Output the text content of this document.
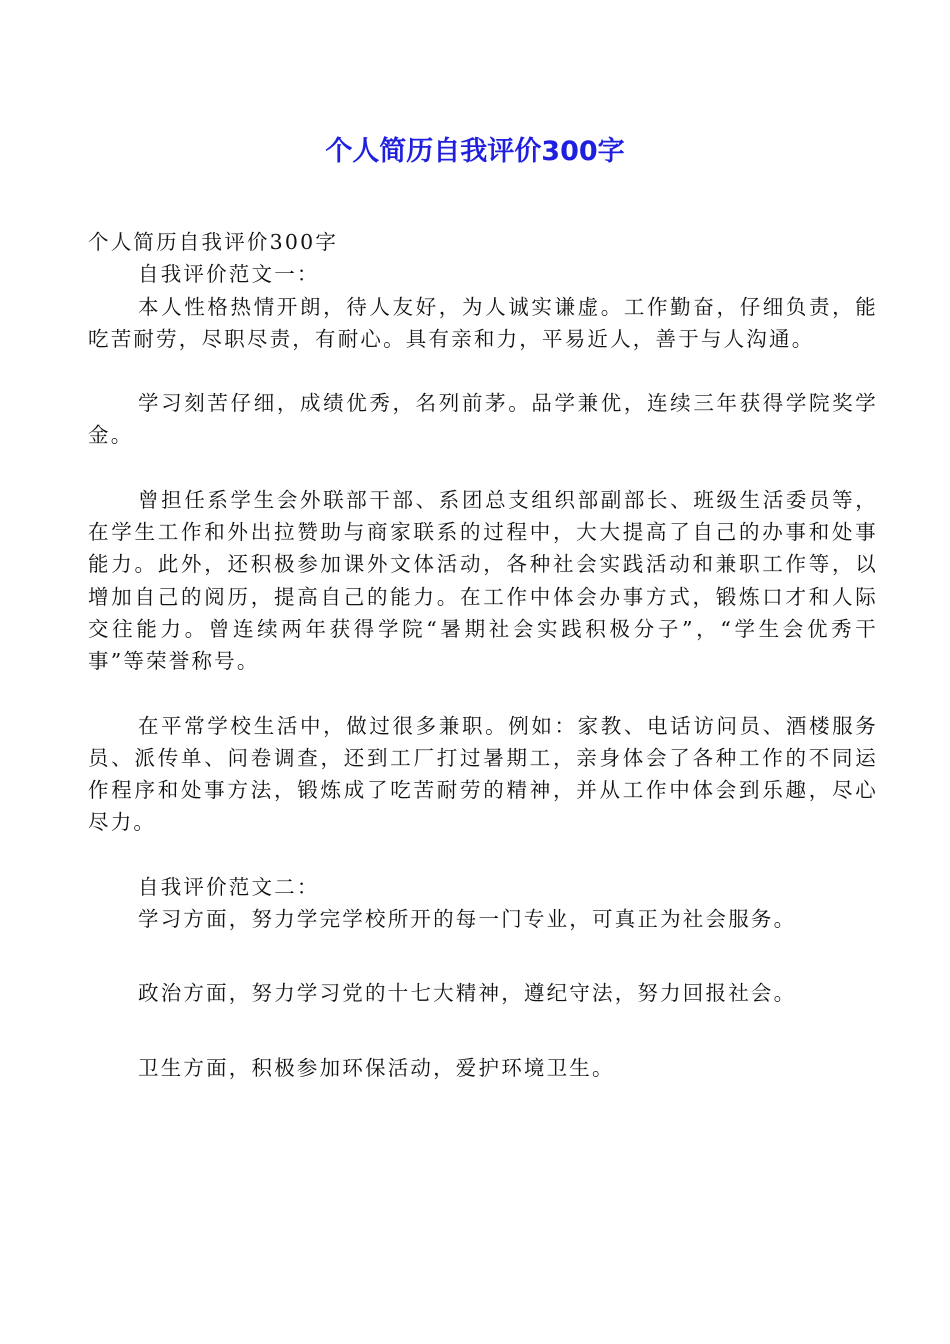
个人简历自我评价300字

个人简历自我评价300字

自我评价范文一：

本人性格热情开朗，待人友好，为人诚实谦虚。工作勤奋，仔细负责，能吃苦耐劳，尽职尽责，有耐心。具有亲和力，平易近人，善于与人沟通。

学习刻苦仔细，成绩优秀，名列前茅。品学兼优，连续三年获得学院奖学金。

曾担任系学生会外联部干部、系团总支组织部副部长、班级生活委员等，在学生工作和外出拉赞助与商家联系的过程中，大大提高了自己的办事和处事能力。此外，还积极参加课外文体活动，各种社会实践活动和兼职工作等，以增加自己的阅历，提高自己的能力。在工作中体会办事方式，锻炼口才和人际交往能力。曾连续两年获得学院“暑期社会实践积极分子”，“学生会优秀干事”等荣誉称号。

在平常学校生活中，做过很多兼职。例如：家教、电话访问员、酒楼服务员、派传单、问卷调查，还到工厂打过暑期工，亲身体会了各种工作的不同运作程序和处事方法，锻炼成了吃苦耐劳的精神，并从工作中体会到乐趣，尽心尽力。

自我评价范文二：

学习方面，努力学完学校所开的每一门专业，可真正为社会服务。

政治方面，努力学习党的十七大精神，遵纪守法，努力回报社会。

卫生方面，积极参加环保活动，爱护环境卫生。
